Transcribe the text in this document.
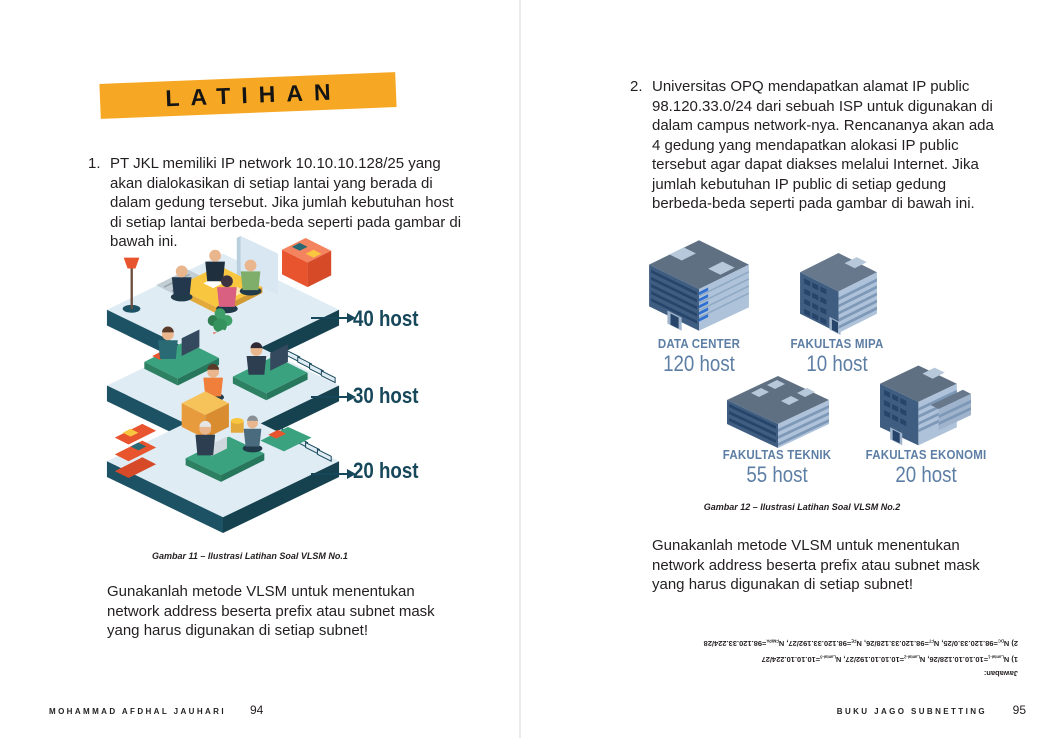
LATIHAN
1. PT JKL memiliki IP network 10.10.10.128/25 yang akan dialokasikan di setiap lantai yang berada di dalam gedung tersebut. Jika jumlah kebutuhan host di setiap lantai berbeda-beda seperti pada gambar di bawah ini.
40 host
30 host
20 host
Gambar 11 – Ilustrasi Latihan Soal VLSM No.1
Gunakanlah metode VLSM untuk menentukan network address beserta prefix atau subnet mask yang harus digunakan di setiap subnet!
MOHAMMAD AFDHAL JAUHARI 94
2. Universitas OPQ mendapatkan alamat IP public 98.120.33.0/24 dari sebuah ISP untuk digunakan di dalam campus network-nya. Rencananya akan ada 4 gedung yang mendapatkan alokasi IP public tersebut agar dapat diakses melalui Internet. Jika jumlah kebutuhan IP public di setiap gedung berbeda-beda seperti pada gambar di bawah ini.
DATA CENTER
120 host
FAKULTAS MIPA
10 host
FAKULTAS TEKNIK
55 host
FAKULTAS EKONOMI
20 host
Gambar 12 – Ilustrasi Latihan Soal VLSM No.2
Gunakanlah metode VLSM untuk menentukan network address beserta prefix atau subnet mask yang harus digunakan di setiap subnet!
Jawaban:
1) $N_{Lantai-1}=10.10.10.128/26$, $N_{Lantai-2}=10.10.10.192/27$, $N_{Lantai-3}=10.10.10.224/27$
2) $N_{DC}=98.120.33.0/25$, $N_{FT}=98.120.33.128/26$, $N_{FE}=98.120.33.192/27$, $N_{FMIPA}=98.120.33.224/28$
BUKU JAGO SUBNETTING 95
